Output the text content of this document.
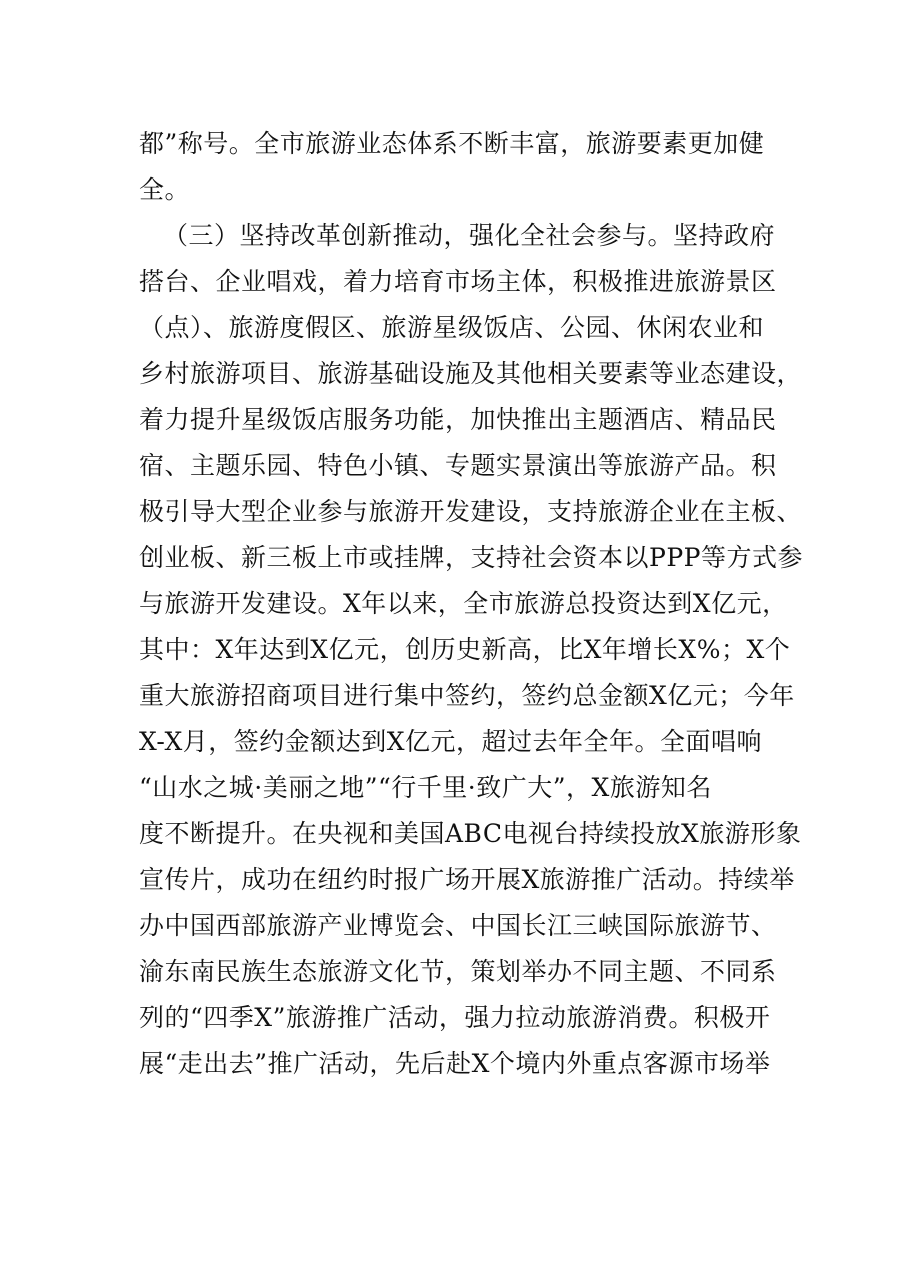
都”称号。全市旅游业态体系不断丰富，旅游要素更加健
全。
（三）坚持改革创新推动，强化全社会参与。坚持政府
搭台、企业唱戏，着力培育市场主体，积极推进旅游景区
（点）、旅游度假区、旅游星级饭店、公园、休闲农业和
乡村旅游项目、旅游基础设施及其他相关要素等业态建设，
着力提升星级饭店服务功能，加快推出主题酒店、精品民
宿、主题乐园、特色小镇、专题实景演出等旅游产品。积
极引导大型企业参与旅游开发建设，支持旅游企业在主板、
创业板、新三板上市或挂牌，支持社会资本以PPP等方式参
与旅游开发建设。X年以来，全市旅游总投资达到X亿元，
其中：X年达到X亿元，创历史新高，比X年增长X%；X个
重大旅游招商项目进行集中签约，签约总金额X亿元；今年
X-X月，签约金额达到X亿元，超过去年全年。全面唱响
“山水之城·美丽之地”“行千里·致广大”，X旅游知名
度不断提升。在央视和美国ABC电视台持续投放X旅游形象
宣传片，成功在纽约时报广场开展X旅游推广活动。持续举
办中国西部旅游产业博览会、中国长江三峡国际旅游节、
渝东南民族生态旅游文化节，策划举办不同主题、不同系
列的“四季X”旅游推广活动，强力拉动旅游消费。积极开
展“走出去”推广活动，先后赴X个境内外重点客源市场举
